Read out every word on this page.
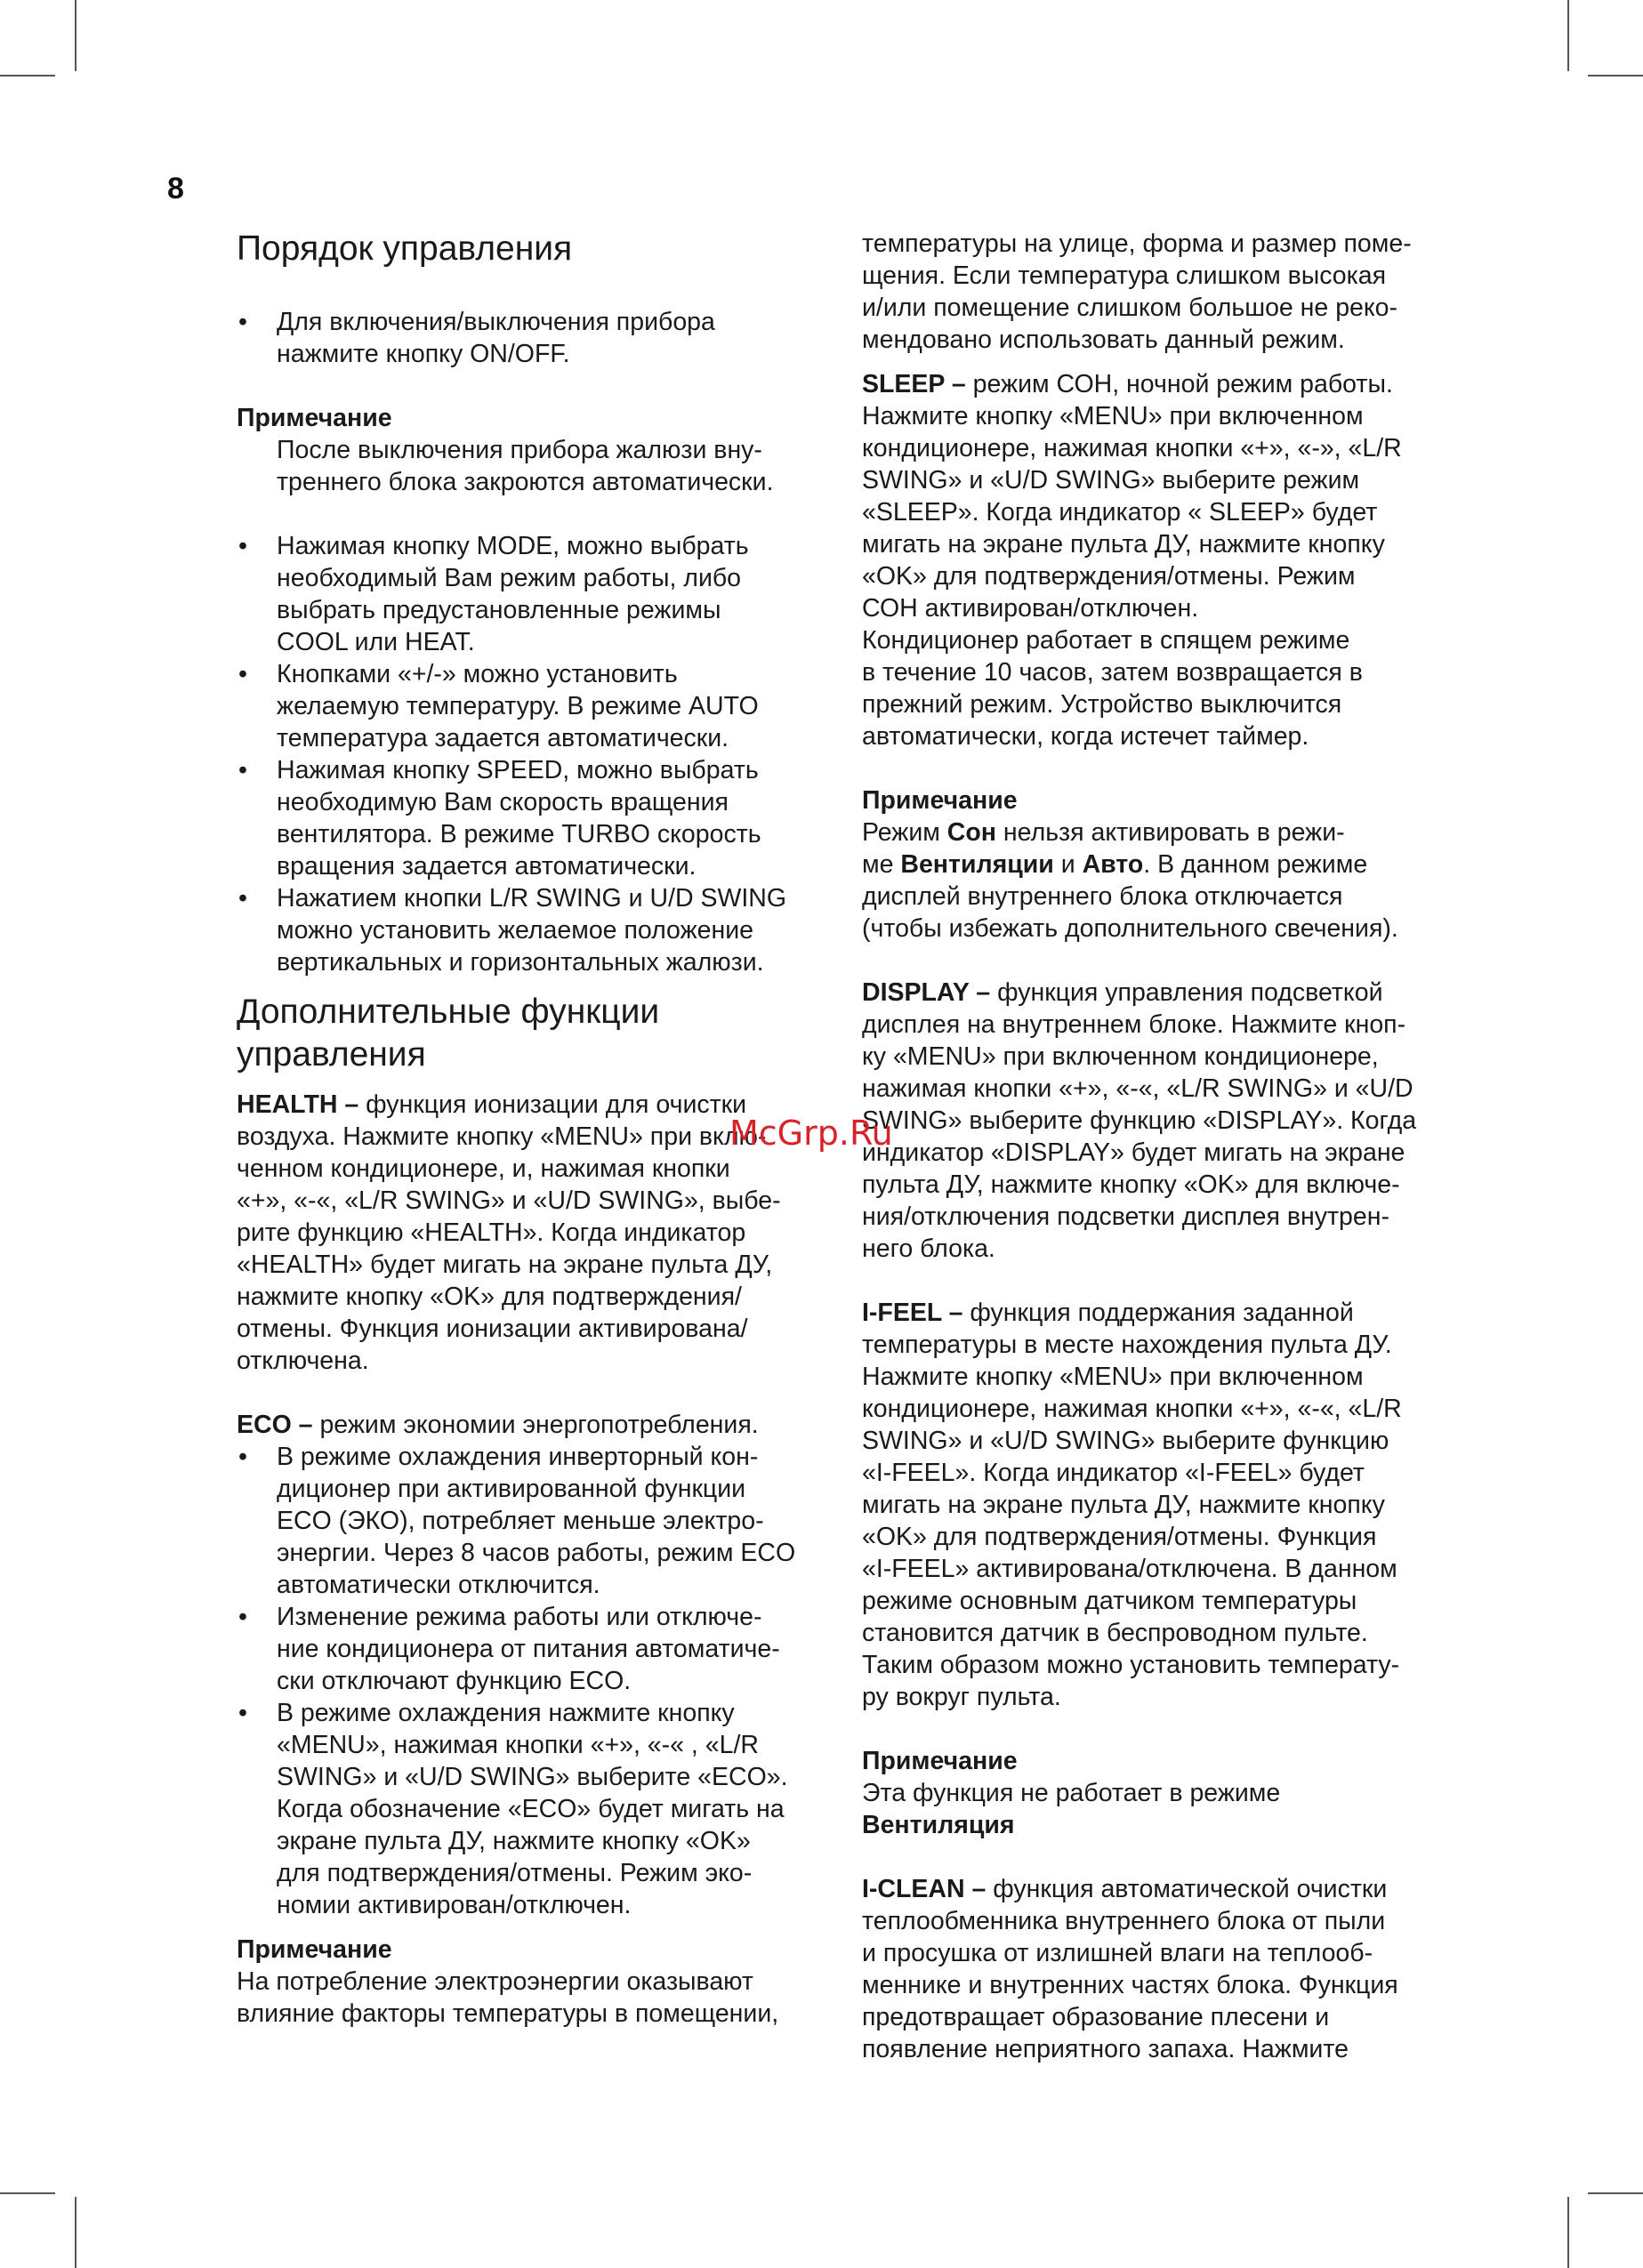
8
Порядок управления
•	Для включения/выключения прибора
нажмите кнопку ON/OFF.
Примечание
После выключения прибора жалюзи вну-
треннего блока закроются автоматически.
•	Нажимая кнопку MODE, можно выбрать
необходимый Вам режим работы, либо
выбрать предустановленные режимы
COOL или HEAT.
•	Кнопками «+/-» можно установить
желаемую температуру. В режиме AUTO
температура задается автоматически.
•	Нажимая кнопку SPEED, можно выбрать
необходимую Вам скорость вращения
вентилятора. В режиме TURBO скорость
вращения задается автоматически.
•	Нажатием кнопки L/R SWING и U/D SWING
можно установить желаемое положение
вертикальных и горизонтальных жалюзи.
Дополнительные функции
управления
HEALTH – функция ионизации для очистки
воздуха. Нажмите кнопку «MENU» при вклю-
ченном кондиционере, и, нажимая кнопки
«+», «-«, «L/R SWING» и «U/D SWING», выбе-
рите функцию «HEALTH». Когда индикатор
«HEALTH» будет мигать на экране пульта ДУ,
нажмите кнопку «OK» для подтверждения/
отмены. Функция ионизации активирована/
отключена.
ECO – режим экономии энергопотребления.
•	В режиме охлаждения инверторный кон-
диционер при активированной функции
ECO (ЭКО), потребляет меньше электро-
энергии. Через 8 часов работы, режим ECO
автоматически отключится.
•	Изменение режима работы или отключе-
ние кондиционера от питания автоматиче-
ски отключают функцию ECO.
•	В режиме охлаждения нажмите кнопку
«MENU», нажимая кнопки «+», «-« , «L/R
SWING» и «U/D SWING» выберите «ECO».
Когда обозначение «ECO» будет мигать на
экране пульта ДУ, нажмите кнопку «OK»
для подтверждения/отмены. Режим эко-
номии активирован/отключен.
Примечание
На потребление электроэнергии оказывают
влияние факторы температуры в помещении,
температуры на улице, форма и размер поме-
щения. Если температура слишком высокая
и/или помещение слишком большое не реко-
мендовано использовать данный режим.
SLEEP – режим СОН, ночной режим работы.
Нажмите кнопку «MENU» при включенном
кондиционере, нажимая кнопки «+», «-», «L/R
SWING» и «U/D SWING» выберите режим
«SLEEP». Когда индикатор « SLEEP» будет
мигать на экране пульта ДУ, нажмите кнопку
«OK» для подтверждения/отмены. Режим
СОН активирован/отключен.
Кондиционер работает в спящем режиме
в течение 10 часов, затем возвращается в
прежний режим. Устройство выключится
автоматически, когда истечет таймер.
Примечание
Режим Сон нельзя активировать в режи-
ме Вентиляции и Авто. В данном режиме
дисплей внутреннего блока отключается
(чтобы избежать дополнительного свечения).
DISPLAY – функция управления подсветкой
дисплея на внутреннем блоке. Нажмите кноп-
ку «MENU» при включенном кондиционере,
нажимая кнопки «+», «-«, «L/R SWING» и «U/D
SWING» выберите функцию «DISPLAY». Когда
индикатор «DISPLAY» будет мигать на экране
пульта ДУ, нажмите кнопку «OK» для включе-
ния/отключения подсветки дисплея внутрен-
него блока.
I-FEEL – функция поддержания заданной
температуры в месте нахождения пульта ДУ.
Нажмите кнопку «MENU» при включенном
кондиционере, нажимая кнопки «+», «-«, «L/R
SWING» и «U/D SWING» выберите функцию
«I-FEEL». Когда индикатор «I-FEEL» будет
мигать на экране пульта ДУ, нажмите кнопку
«OK» для подтверждения/отмены. Функция
«I-FEEL» активирована/отключена. В данном
режиме основным датчиком температуры
становится датчик в беспроводном пульте.
Таким образом можно установить температу-
ру вокруг пульта.
Примечание
Эта функция не работает в режиме
Вентиляция
I-CLEAN – функция автоматической очистки
теплообменника внутреннего блока от пыли
и просушка от излишней влаги на теплооб-
меннике и внутренних частях блока. Функция
предотвращает образование плесени и
появление неприятного запаха. Нажмите
McGrp.Ru
